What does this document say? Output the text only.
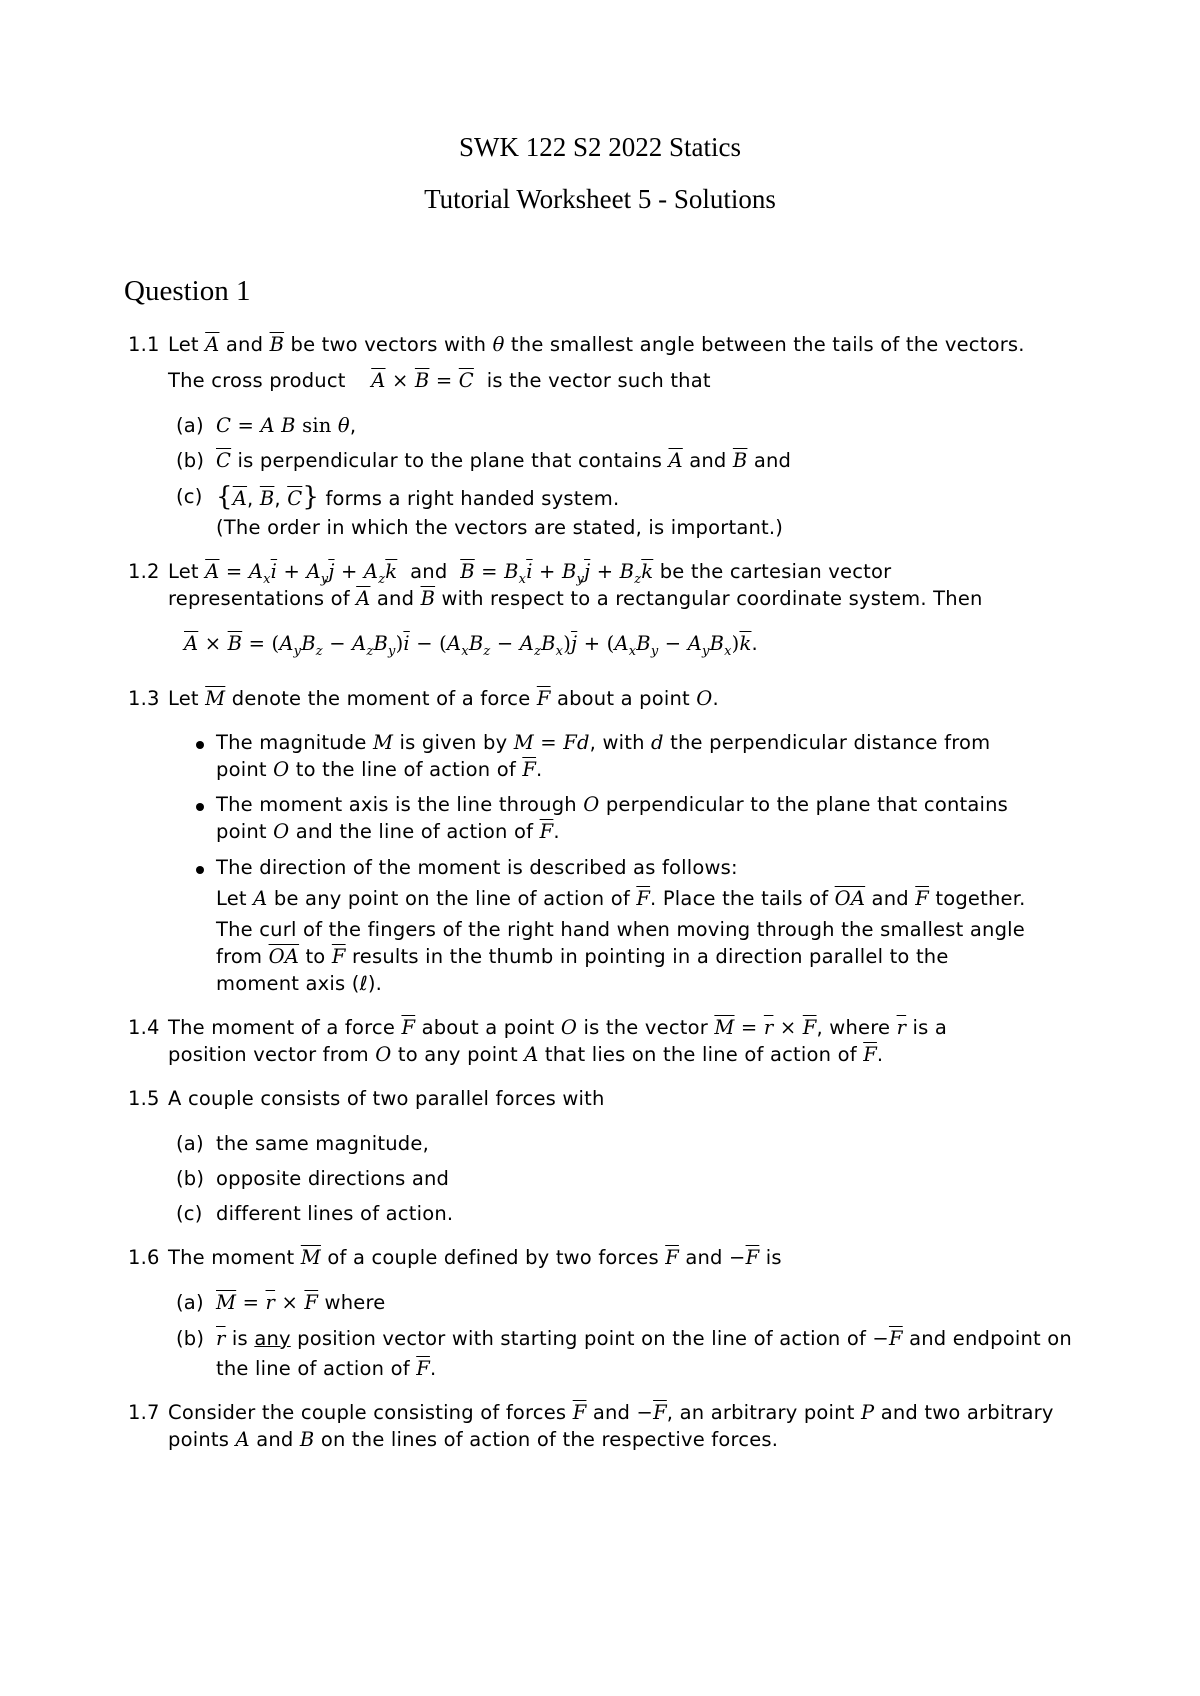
SWK 122 S2 2022 Statics
Tutorial Worksheet 5 - Solutions
Question 1
1.1 Let $\overline{A}$ and $\overline{B}$ be two vectors with θ the smallest angle between the tails of the vectors.
The cross product $\overline{A} \times \overline{B} = \overline{C}$  is the vector such that
(a) C = A B sin θ,
(b) $\overline{C}$ is perpendicular to the plane that contains $\overline{A}$ and $\overline{B}$ and
(c) {$\overline{A}$, $\overline{B}$, $\overline{C}$} forms a right handed system.
(The order in which the vectors are stated, is important.)
1.2 Let $\overline{A} = A_x\overline{i} + A_y\overline{j} + A_z\overline{k}$  and  $\overline{B} = B_x\overline{i} + B_y\overline{j} + B_z\overline{k}$ be the cartesian vector
representations of $\overline{A}$ and $\overline{B}$ with respect to a rectangular coordinate system. Then
$\overline{A} \times \overline{B} = (A_yB_z - A_zB_y)\overline{i} - (A_xB_z - A_zB_x)\overline{j} + (A_xB_y - A_yB_x)\overline{k}$.
1.3 Let $\overline{M}$ denote the moment of a force $\overline{F}$ about a point O.
The magnitude M is given by M = Fd, with d the perpendicular distance from
point O to the line of action of $\overline{F}$.
The moment axis is the line through O perpendicular to the plane that contains
point O and the line of action of $\overline{F}$.
The direction of the moment is described as follows:
Let A be any point on the line of action of $\overline{F}$. Place the tails of $\overline{OA}$ and $\overline{F}$ together.
The curl of the fingers of the right hand when moving through the smallest angle
from $\overline{OA}$ to $\overline{F}$ results in the thumb in pointing in a direction parallel to the
moment axis (ℓ).
1.4 The moment of a force $\overline{F}$ about a point O is the vector $\overline{M} = \overline{r} \times \overline{F}$, where $\overline{r}$ is a
position vector from O to any point A that lies on the line of action of $\overline{F}$.
1.5 A couple consists of two parallel forces with
(a) the same magnitude,
(b) opposite directions and
(c) different lines of action.
1.6 The moment $\overline{M}$ of a couple defined by two forces $\overline{F}$ and $-\overline{F}$ is
(a) $\overline{M} = \overline{r} \times \overline{F}$ where
(b) $\overline{r}$ is any position vector with starting point on the line of action of $-\overline{F}$ and endpoint on
the line of action of $\overline{F}$.
1.7 Consider the couple consisting of forces $\overline{F}$ and $-\overline{F}$, an arbitrary point P and two arbitrary
points A and B on the lines of action of the respective forces.
